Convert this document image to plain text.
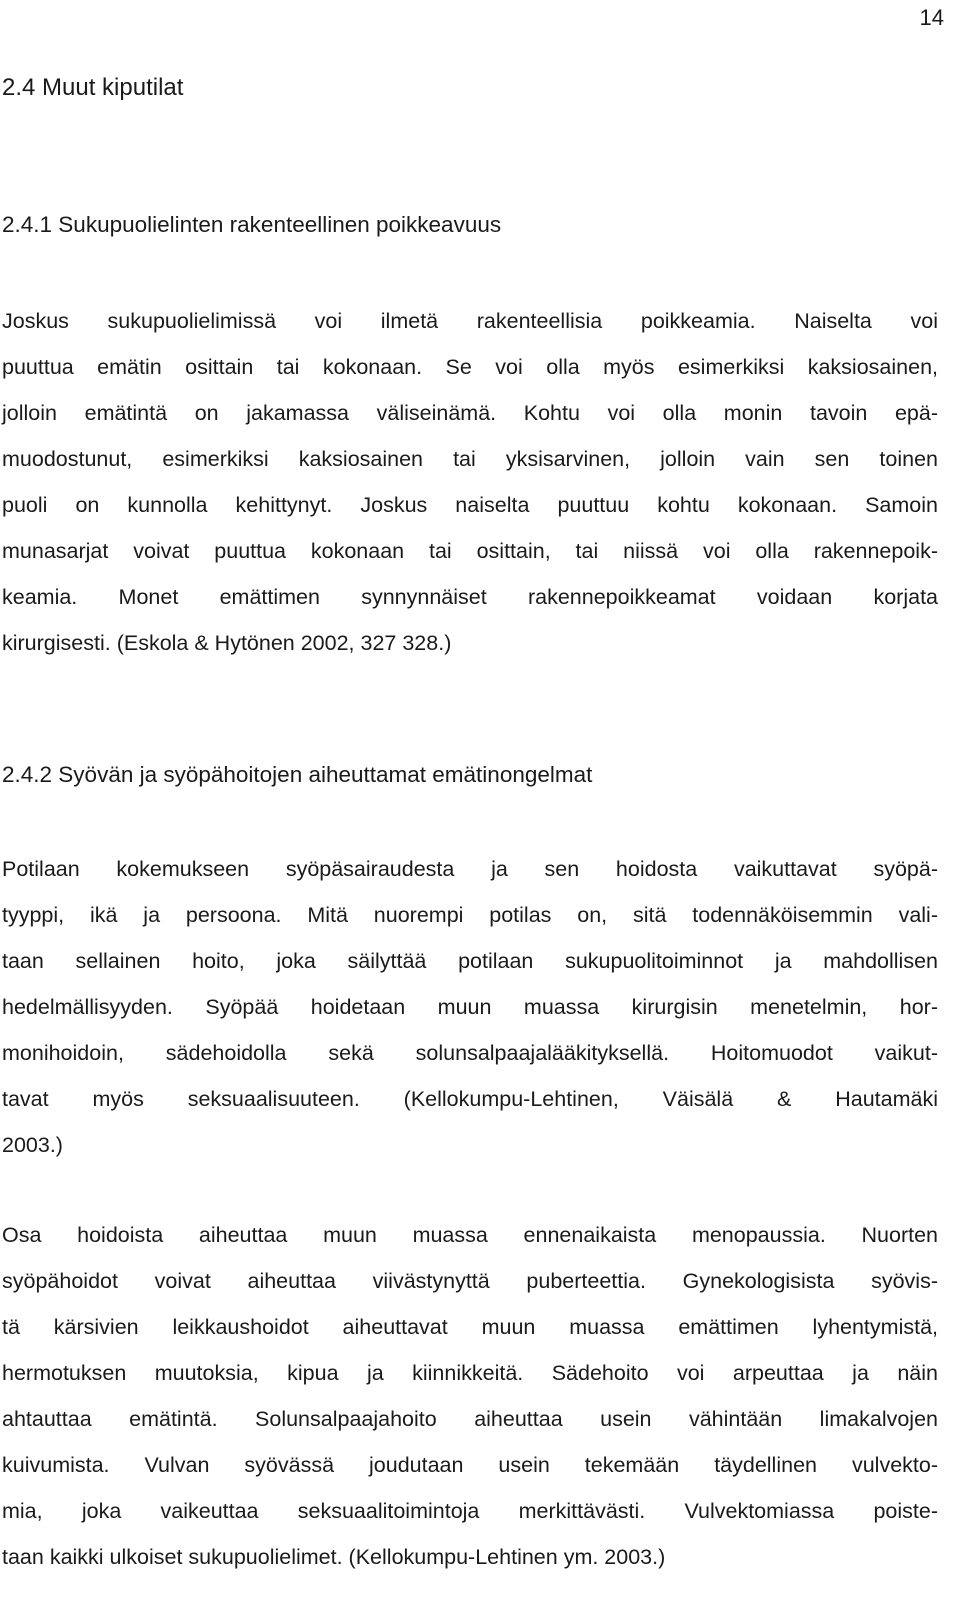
14
2.4 Muut kiputilat
2.4.1 Sukupuolielinten rakenteellinen poikkeavuus
Joskus sukupuolielimissä voi ilmetä rakenteellisia poikkeamia. Naiselta voi
puuttua emätin osittain tai kokonaan. Se voi olla myös esimerkiksi kaksiosainen,
jolloin emätintä on jakamassa väliseinämä. Kohtu voi olla monin tavoin epä-
muodostunut, esimerkiksi kaksiosainen tai yksisarvinen, jolloin vain sen toinen
puoli on kunnolla kehittynyt. Joskus naiselta puuttuu kohtu kokonaan. Samoin
munasarjat voivat puuttua kokonaan tai osittain, tai niissä voi olla rakennepoik-
keamia. Monet emättimen synnynnäiset rakennepoikkeamat voidaan korjata
kirurgisesti. (Eskola & Hytönen 2002, 327 328.)
2.4.2 Syövän ja syöpähoitojen aiheuttamat emätinongelmat
Potilaan kokemukseen syöpäsairaudesta ja sen hoidosta vaikuttavat syöpä-
tyyppi, ikä ja persoona. Mitä nuorempi potilas on, sitä todennäköisemmin vali-
taan sellainen hoito, joka säilyttää potilaan sukupuolitoiminnot ja mahdollisen
hedelmällisyyden. Syöpää hoidetaan muun muassa kirurgisin menetelmin, hor-
monihoidoin, sädehoidolla sekä solunsalpaajalääkityksellä. Hoitomuodot vaikut-
tavat myös seksuaalisuuteen. (Kellokumpu-Lehtinen, Väisälä & Hautamäki
2003.)
Osa hoidoista aiheuttaa muun muassa ennenaikaista menopaussia. Nuorten
syöpähoidot voivat aiheuttaa viivästynyttä puberteettia. Gynekologisista syövis-
tä kärsivien leikkaushoidot aiheuttavat muun muassa emättimen lyhentymistä,
hermotuksen muutoksia, kipua ja kiinnikkeitä. Sädehoito voi arpeuttaa ja näin
ahtauttaa emätintä. Solunsalpaajahoito aiheuttaa usein vähintään limakalvojen
kuivumista. Vulvan syövässä joudutaan usein tekemään täydellinen vulvekto-
mia, joka vaikeuttaa seksuaalitoimintoja merkittävästi. Vulvektomiassa poiste-
taan kaikki ulkoiset sukupuolielimet. (Kellokumpu-Lehtinen ym. 2003.)
